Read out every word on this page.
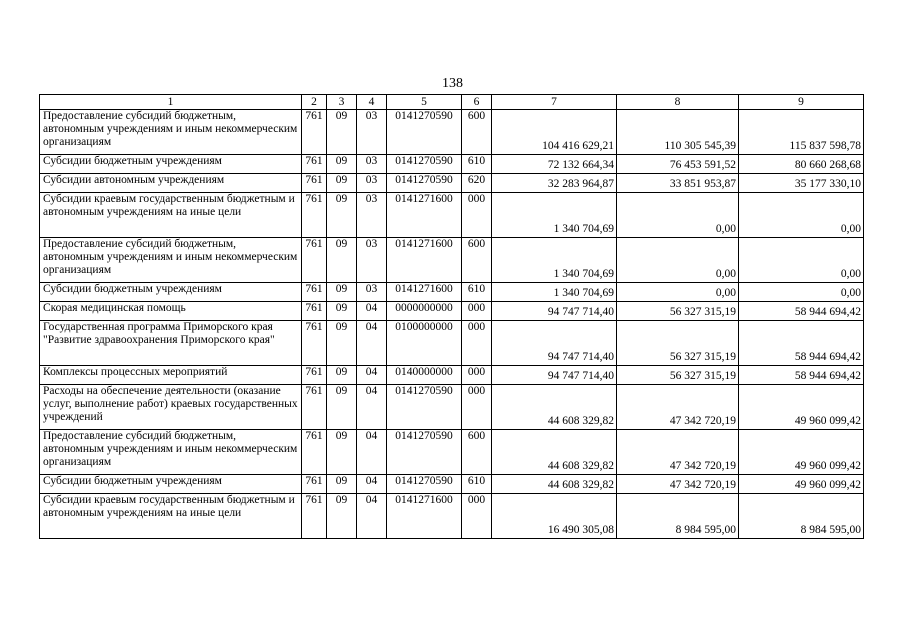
138
1	2	3	4	5	6	7	8	9
Предоставление субсидий бюджетным, автономным учреждениям и иным некоммерческим организациям	761	09	03	0141270590	600	104 416 629,21	110 305 545,39	115 837 598,78
Субсидии бюджетным учреждениям	761	09	03	0141270590	610	72 132 664,34	76 453 591,52	80 660 268,68
Субсидии автономным учреждениям	761	09	03	0141270590	620	32 283 964,87	33 851 953,87	35 177 330,10
Субсидии краевым государственным бюджетным и автономным учреждениям на иные цели	761	09	03	0141271600	000	1 340 704,69	0,00	0,00
Предоставление субсидий бюджетным, автономным учреждениям и иным некоммерческим организациям	761	09	03	0141271600	600	1 340 704,69	0,00	0,00
Субсидии бюджетным учреждениям	761	09	03	0141271600	610	1 340 704,69	0,00	0,00
Скорая медицинская помощь	761	09	04	0000000000	000	94 747 714,40	56 327 315,19	58 944 694,42
Государственная программа Приморского края "Развитие здравоохранения Приморского края"	761	09	04	0100000000	000	94 747 714,40	56 327 315,19	58 944 694,42
Комплексы процессных мероприятий	761	09	04	0140000000	000	94 747 714,40	56 327 315,19	58 944 694,42
Расходы на обеспечение деятельности (оказание услуг, выполнение работ) краевых государственных учреждений	761	09	04	0141270590	000	44 608 329,82	47 342 720,19	49 960 099,42
Предоставление субсидий бюджетным, автономным учреждениям и иным некоммерческим организациям	761	09	04	0141270590	600	44 608 329,82	47 342 720,19	49 960 099,42
Субсидии бюджетным учреждениям	761	09	04	0141270590	610	44 608 329,82	47 342 720,19	49 960 099,42
Субсидии краевым государственным бюджетным и автономным учреждениям на иные цели	761	09	04	0141271600	000	16 490 305,08	8 984 595,00	8 984 595,00
